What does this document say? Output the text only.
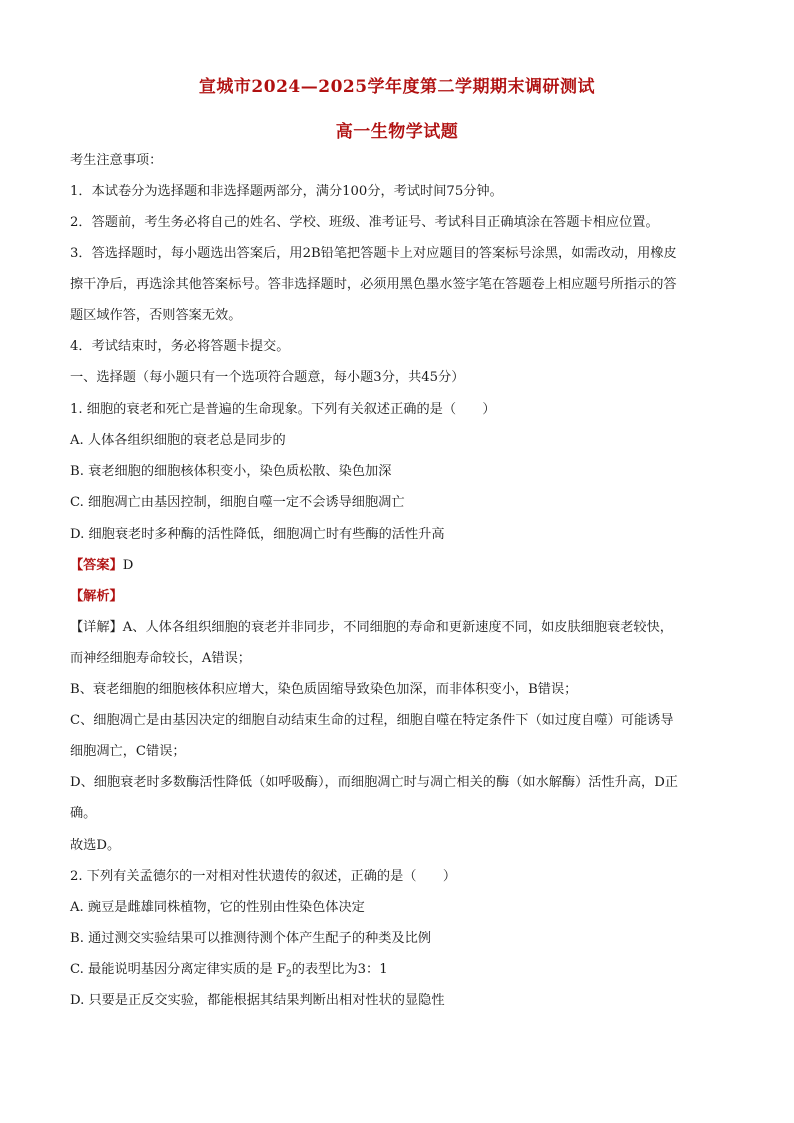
宣城市2024—2025学年度第二学期期末调研测试
高一生物学试题
考生注意事项：
1．本试卷分为选择题和非选择题两部分，满分100分，考试时间75分钟。
2．答题前，考生务必将自己的姓名、学校、班级、准考证号、考试科目正确填涂在答题卡相应位置。
3．答选择题时，每小题选出答案后，用2B铅笔把答题卡上对应题目的答案标号涂黑，如需改动，用橡皮
擦干净后，再选涂其他答案标号。答非选择题时，必须用黑色墨水签字笔在答题卷上相应题号所指示的答
题区域作答，否则答案无效。
4．考试结束时，务必将答题卡提交。
一、选择题（每小题只有一个选项符合题意，每小题3分，共45分）
1. 细胞的衰老和死亡是普遍的生命现象。下列有关叙述正确的是（　　）
A. 人体各组织细胞的衰老总是同步的
B. 衰老细胞的细胞核体积变小，染色质松散、染色加深
C. 细胞凋亡由基因控制，细胞自噬一定不会诱导细胞凋亡
D. 细胞衰老时多种酶的活性降低，细胞凋亡时有些酶的活性升高
【答案】D
【解析】
【详解】A、人体各组织细胞的衰老并非同步，不同细胞的寿命和更新速度不同，如皮肤细胞衰老较快，
而神经细胞寿命较长，A错误；
B、衰老细胞的细胞核体积应增大，染色质固缩导致染色加深，而非体积变小，B错误；
C、细胞凋亡是由基因决定的细胞自动结束生命的过程，细胞自噬在特定条件下（如过度自噬）可能诱导
细胞凋亡，C错误；
D、细胞衰老时多数酶活性降低（如呼吸酶），而细胞凋亡时与凋亡相关的酶（如水解酶）活性升高，D正
确。
故选D。
2. 下列有关孟德尔的一对相对性状遗传的叙述，正确的是（　　）
A. 豌豆是雌雄同株植物，它的性别由性染色体决定
B. 通过测交实验结果可以推测待测个体产生配子的种类及比例
C. 最能说明基因分离定律实质的是 $F_2$的表型比为3：1
D. 只要是正反交实验，都能根据其结果判断出相对性状的显隐性
